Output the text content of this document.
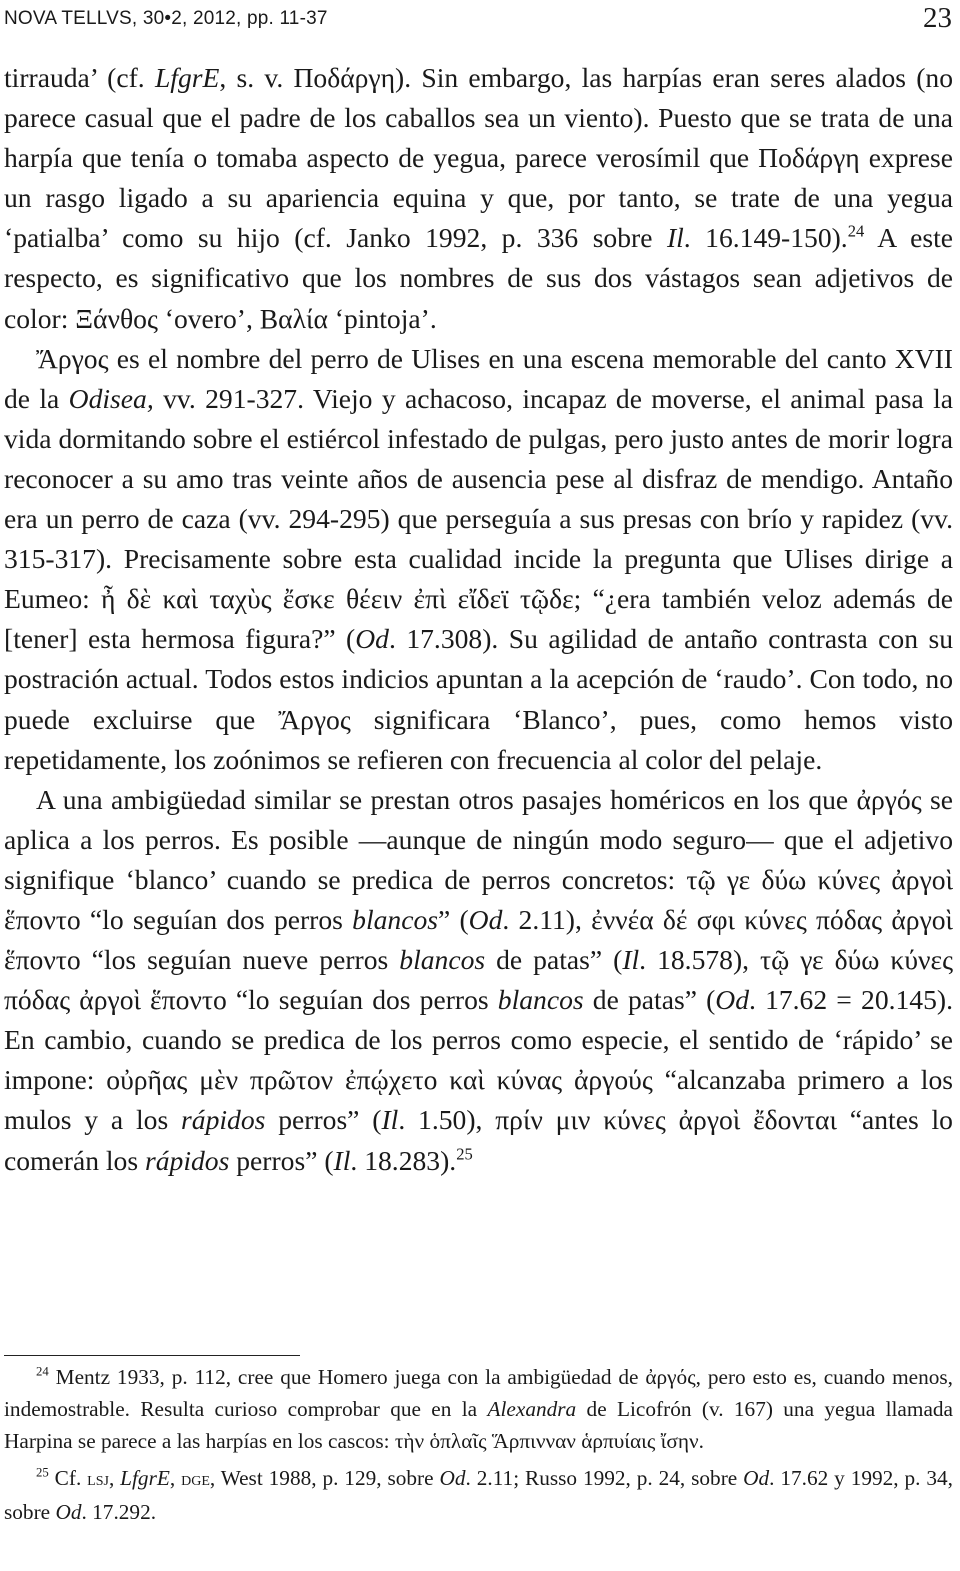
NOVA TELLVS, 30•2, 2012, pp. 11-37	23

tirrauda’ (cf. LfgrE, s. v. Ποδάργη). Sin embargo, las harpías eran seres alados (no parece casual que el padre de los caballos sea un viento). Puesto que se trata de una harpía que tenía o tomaba aspecto de yegua, parece verosímil que Ποδάργη exprese un rasgo ligado a su apariencia equina y que, por tanto, se trate de una yegua ‘patialba’ como su hijo (cf. Janko 1992, p. 336 sobre Il. 16.149-150).$^{24}$ A este respecto, es significativo que los nombres de sus dos vástagos sean adjetivos de color: Ξάνθος ‘overo’, Βαλία ‘pintoja’.

Ἄργος es el nombre del perro de Ulises en una escena memorable del canto XVII de la Odisea, vv. 291-327. Viejo y achacoso, incapaz de moverse, el animal pasa la vida dormitando sobre el estiércol infestado de pulgas, pero justo antes de morir logra reconocer a su amo tras veinte años de ausencia pese al disfraz de mendigo. Antaño era un perro de caza (vv. 294-295) que perseguía a sus presas con brío y rapidez (vv. 315-317). Precisamente sobre esta cualidad incide la pregunta que Ulises dirige a Eumeo: ἦ δὲ καὶ ταχὺς ἔσκε θέειν ἐπὶ εἴδεϊ τῷδε; “¿era también veloz además de [tener] esta hermosa figura?” (Od. 17.308). Su agilidad de antaño contrasta con su postración actual. Todos estos indicios apuntan a la acepción de ‘raudo’. Con todo, no puede excluirse que Ἄργος significara ‘Blanco’, pues, como hemos visto repetidamente, los zoónimos se refieren con frecuencia al color del pelaje.

A una ambigüedad similar se prestan otros pasajes homéricos en los que ἀργός se aplica a los perros. Es posible —aunque de ningún modo seguro— que el adjetivo signifique ‘blanco’ cuando se predica de perros concretos: τῷ γε δύω κύνες ἀργοὶ ἕποντο “lo seguían dos perros blancos” (Od. 2.11), ἐννέα δέ σφι κύνες πόδας ἀργοὶ ἕποντο “los seguían nueve perros blancos de patas” (Il. 18.578), τῷ γε δύω κύνες πόδας ἀργοὶ ἕποντο “lo seguían dos perros blancos de patas” (Od. 17.62 = 20.145). En cambio, cuando se predica de los perros como especie, el sentido de ‘rápido’ se impone: οὐρῆας μὲν πρῶτον ἐπῴχετο καὶ κύνας ἀργούς “alcanzaba primero a los mulos y a los rápidos perros” (Il. 1.50), πρίν μιν κύνες ἀργοὶ ἔδονται “antes lo comerán los rápidos perros” (Il. 18.283).$^{25}$

$^{24}$ Mentz 1933, p. 112, cree que Homero juega con la ambigüedad de ἀργός, pero esto es, cuando menos, indemostrable. Resulta curioso comprobar que en la Alexandra de Licofrón (v. 167) una yegua llamada Harpina se parece a las harpías en los cascos: τὴν ὁπλαῖς Ἅρπινναν ἁρπυίαις ἴσην.

$^{25}$ Cf. lsj, LfgrE, dge, West 1988, p. 129, sobre Od. 2.11; Russo 1992, p. 24, sobre Od. 17.62 y 1992, p. 34, sobre Od. 17.292.
